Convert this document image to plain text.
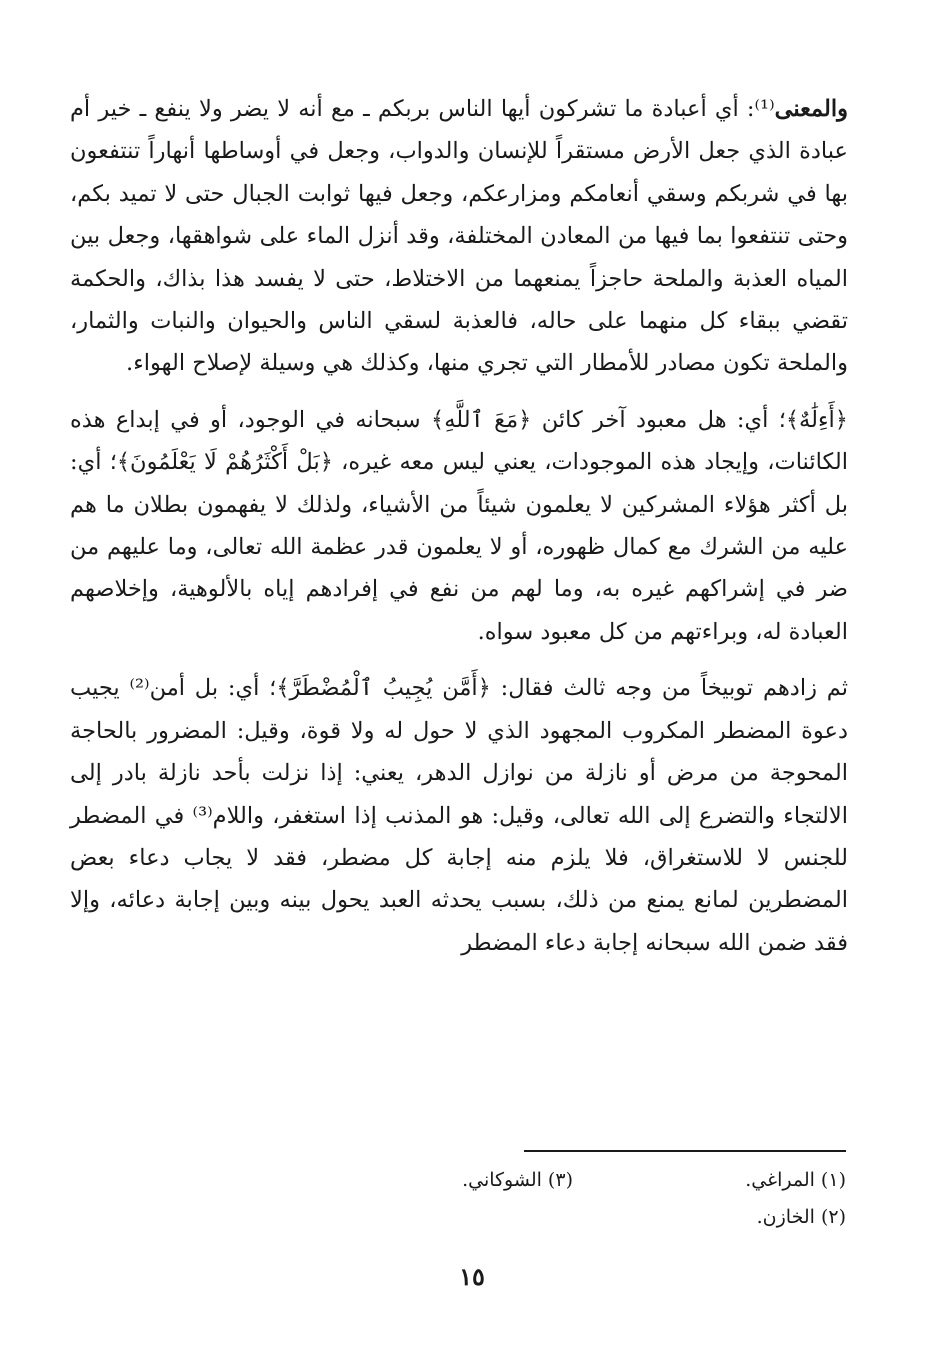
والمعنى⁽¹⁾: أي أعبادة ما تشركون أيها الناس بربكم ـ مع أنه لا يضر ولا ينفع ـ خير أم عبادة الذي جعل الأرض مستقراً للإنسان والدواب، وجعل في أوساطها أنهاراً تنتفعون بها في شربكم وسقي أنعامكم ومزارعكم، وجعل فيها ثوابت الجبال حتى لا تميد بكم، وحتى تنتفعوا بما فيها من المعادن المختلفة، وقد أنزل الماء على شواهقها، وجعل بين المياه العذبة والملحة حاجزاً يمنعهما من الاختلاط، حتى لا يفسد هذا بذاك، والحكمة تقضي ببقاء كل منهما على حاله، فالعذبة لسقي الناس والحيوان والنبات والثمار، والملحة تكون مصادر للأمطار التي تجري منها، وكذلك هي وسيلة لإصلاح الهواء.

﴿أَءِلَٰهٌ﴾؛ أي: هل معبود آخر كائن ﴿مَعَ ٱللَّهِ﴾ سبحانه في الوجود، أو في إبداع هذه الكائنات، وإيجاد هذه الموجودات، يعني ليس معه غيره، ﴿بَلْ أَكْثَرُهُمْ لَا يَعْلَمُونَ﴾؛ أي: بل أكثر هؤلاء المشركين لا يعلمون شيئاً من الأشياء، ولذلك لا يفهمون بطلان ما هم عليه من الشرك مع كمال ظهوره، أو لا يعلمون قدر عظمة الله تعالى، وما عليهم من ضر في إشراكهم غيره به، وما لهم من نفع في إفرادهم إياه بالألوهية، وإخلاصهم العبادة له، وبراءتهم من كل معبود سواه.

ثم زادهم توبيخاً من وجه ثالث فقال: ﴿أَمَّن يُجِيبُ ٱلْمُضْطَرَّ﴾؛ أي: بل أمن⁽²⁾ يجيب دعوة المضطر المكروب المجهود الذي لا حول له ولا قوة، وقيل: المضرور بالحاجة المحوجة من مرض أو نازلة من نوازل الدهر، يعني: إذا نزلت بأحد نازلة بادر إلى الالتجاء والتضرع إلى الله تعالى، وقيل: هو المذنب إذا استغفر، واللام⁽³⁾ في المضطر للجنس لا للاستغراق، فلا يلزم منه إجابة كل مضطر، فقد لا يجاب دعاء بعض المضطرين لمانع يمنع من ذلك، بسبب يحدثه العبد يحول بينه وبين إجابة دعائه، وإلا فقد ضمن الله سبحانه إجابة دعاء المضطر

(١) المراغي.
(٣) الشوكاني.
(٢) الخازن.
١٥
